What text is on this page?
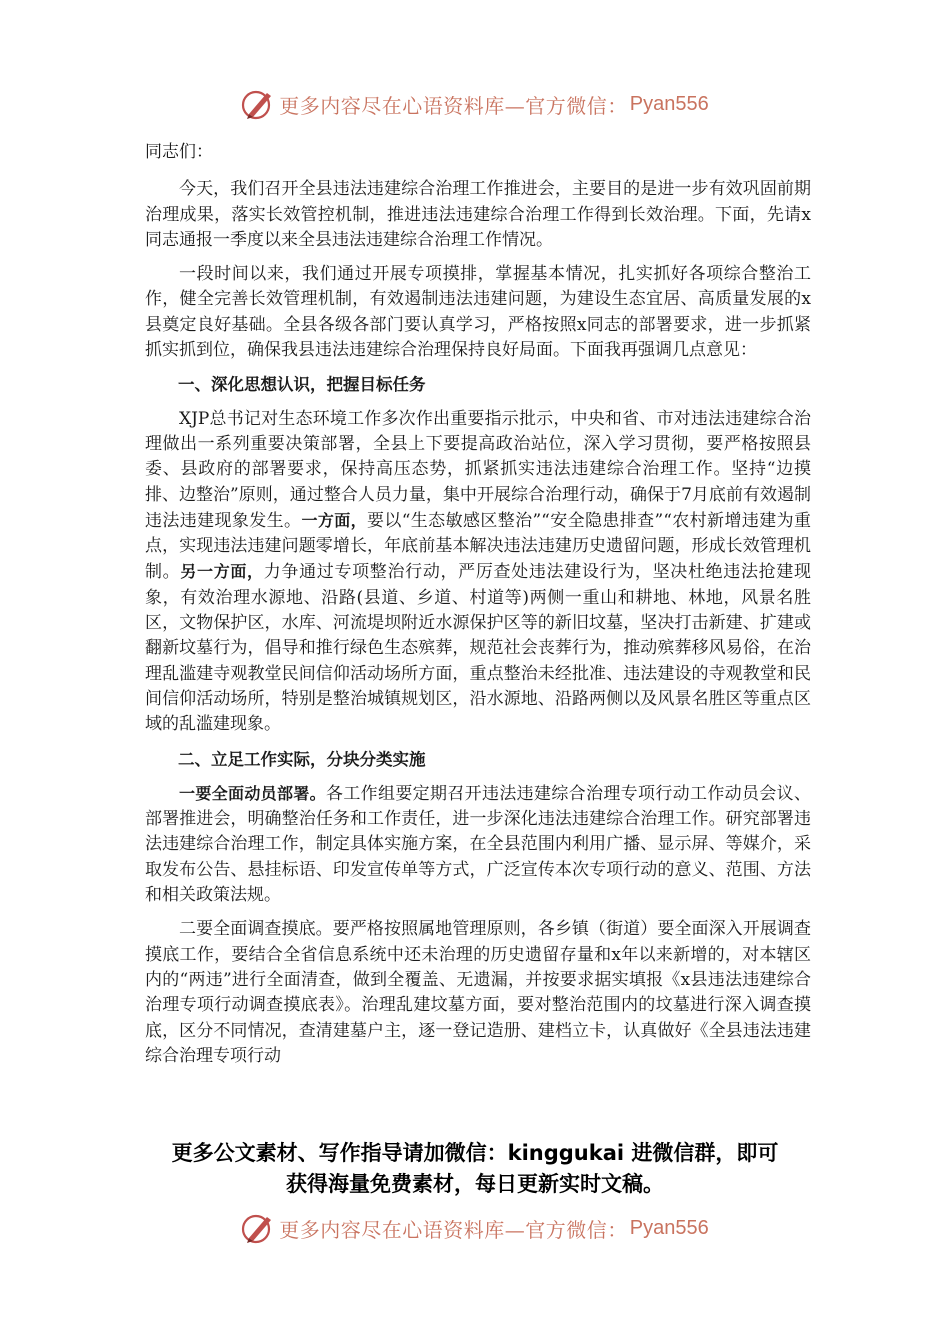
更多内容尽在心语资料库—官方微信： Pyan556

同志们：

今天，我们召开全县违法违建综合治理工作推进会，主要目的是进一步有效巩固前期治理成果，落实长效管控机制，推进违法违建综合治理工作得到长效治理。下面，先请x同志通报一季度以来全县违法违建综合治理工作情况。

一段时间以来，我们通过开展专项摸排，掌握基本情况，扎实抓好各项综合整治工作，健全完善长效管理机制，有效遏制违法违建问题，为建设生态宜居、高质量发展的x县奠定良好基础。全县各级各部门要认真学习，严格按照x同志的部署要求，进一步抓紧抓实抓到位，确保我县违法违建综合治理保持良好局面。下面我再强调几点意见：

一、深化思想认识，把握目标任务

XJP总书记对生态环境工作多次作出重要指示批示，中央和省、市对违法违建综合治理做出一系列重要决策部署，全县上下要提高政治站位，深入学习贯彻，要严格按照县委、县政府的部署要求，保持高压态势，抓紧抓实违法违建综合治理工作。坚持“边摸排、边整治”原则，通过整合人员力量，集中开展综合治理行动，确保于7月底前有效遏制违法违建现象发生。一方面，要以“生态敏感区整治”“安全隐患排查”“农村新增违建为重点，实现违法违建问题零增长，年底前基本解决违法违建历史遗留问题，形成长效管理机制。另一方面，力争通过专项整治行动，严厉查处违法建设行为，坚决杜绝违法抢建现象，有效治理水源地、沿路(县道、乡道、村道等)两侧一重山和耕地、林地，风景名胜区，文物保护区，水库、河流堤坝附近水源保护区等的新旧坟墓，坚决打击新建、扩建或翻新坟墓行为，倡导和推行绿色生态殡葬，规范社会丧葬行为，推动殡葬移风易俗，在治理乱滥建寺观教堂民间信仰活动场所方面，重点整治未经批准、违法建设的寺观教堂和民间信仰活动场所，特别是整治城镇规划区，沿水源地、沿路两侧以及风景名胜区等重点区域的乱滥建现象。

二、立足工作实际，分块分类实施

一要全面动员部署。各工作组要定期召开违法违建综合治理专项行动工作动员会议、部署推进会，明确整治任务和工作责任，进一步深化违法违建综合治理工作。研究部署违法违建综合治理工作，制定具体实施方案，在全县范围内利用广播、显示屏、等媒介，采取发布公告、悬挂标语、印发宣传单等方式，广泛宣传本次专项行动的意义、范围、方法和相关政策法规。

二要全面调查摸底。要严格按照属地管理原则，各乡镇（街道）要全面深入开展调查摸底工作，要结合全省信息系统中还未治理的历史遗留存量和x年以来新增的，对本辖区内的“两违”进行全面清查，做到全覆盖、无遗漏，并按要求据实填报《x县违法违建综合治理专项行动调查摸底表》。治理乱建坟墓方面，要对整治范围内的坟墓进行深入调查摸底，区分不同情况，查清建墓户主，逐一登记造册、建档立卡，认真做好《全县违法违建综合治理专项行动

更多公文素材、写作指导请加微信：kinggukai 进微信群，即可
获得海量免费素材，每日更新实时文稿。
更多内容尽在心语资料库—官方微信： Pyan556
